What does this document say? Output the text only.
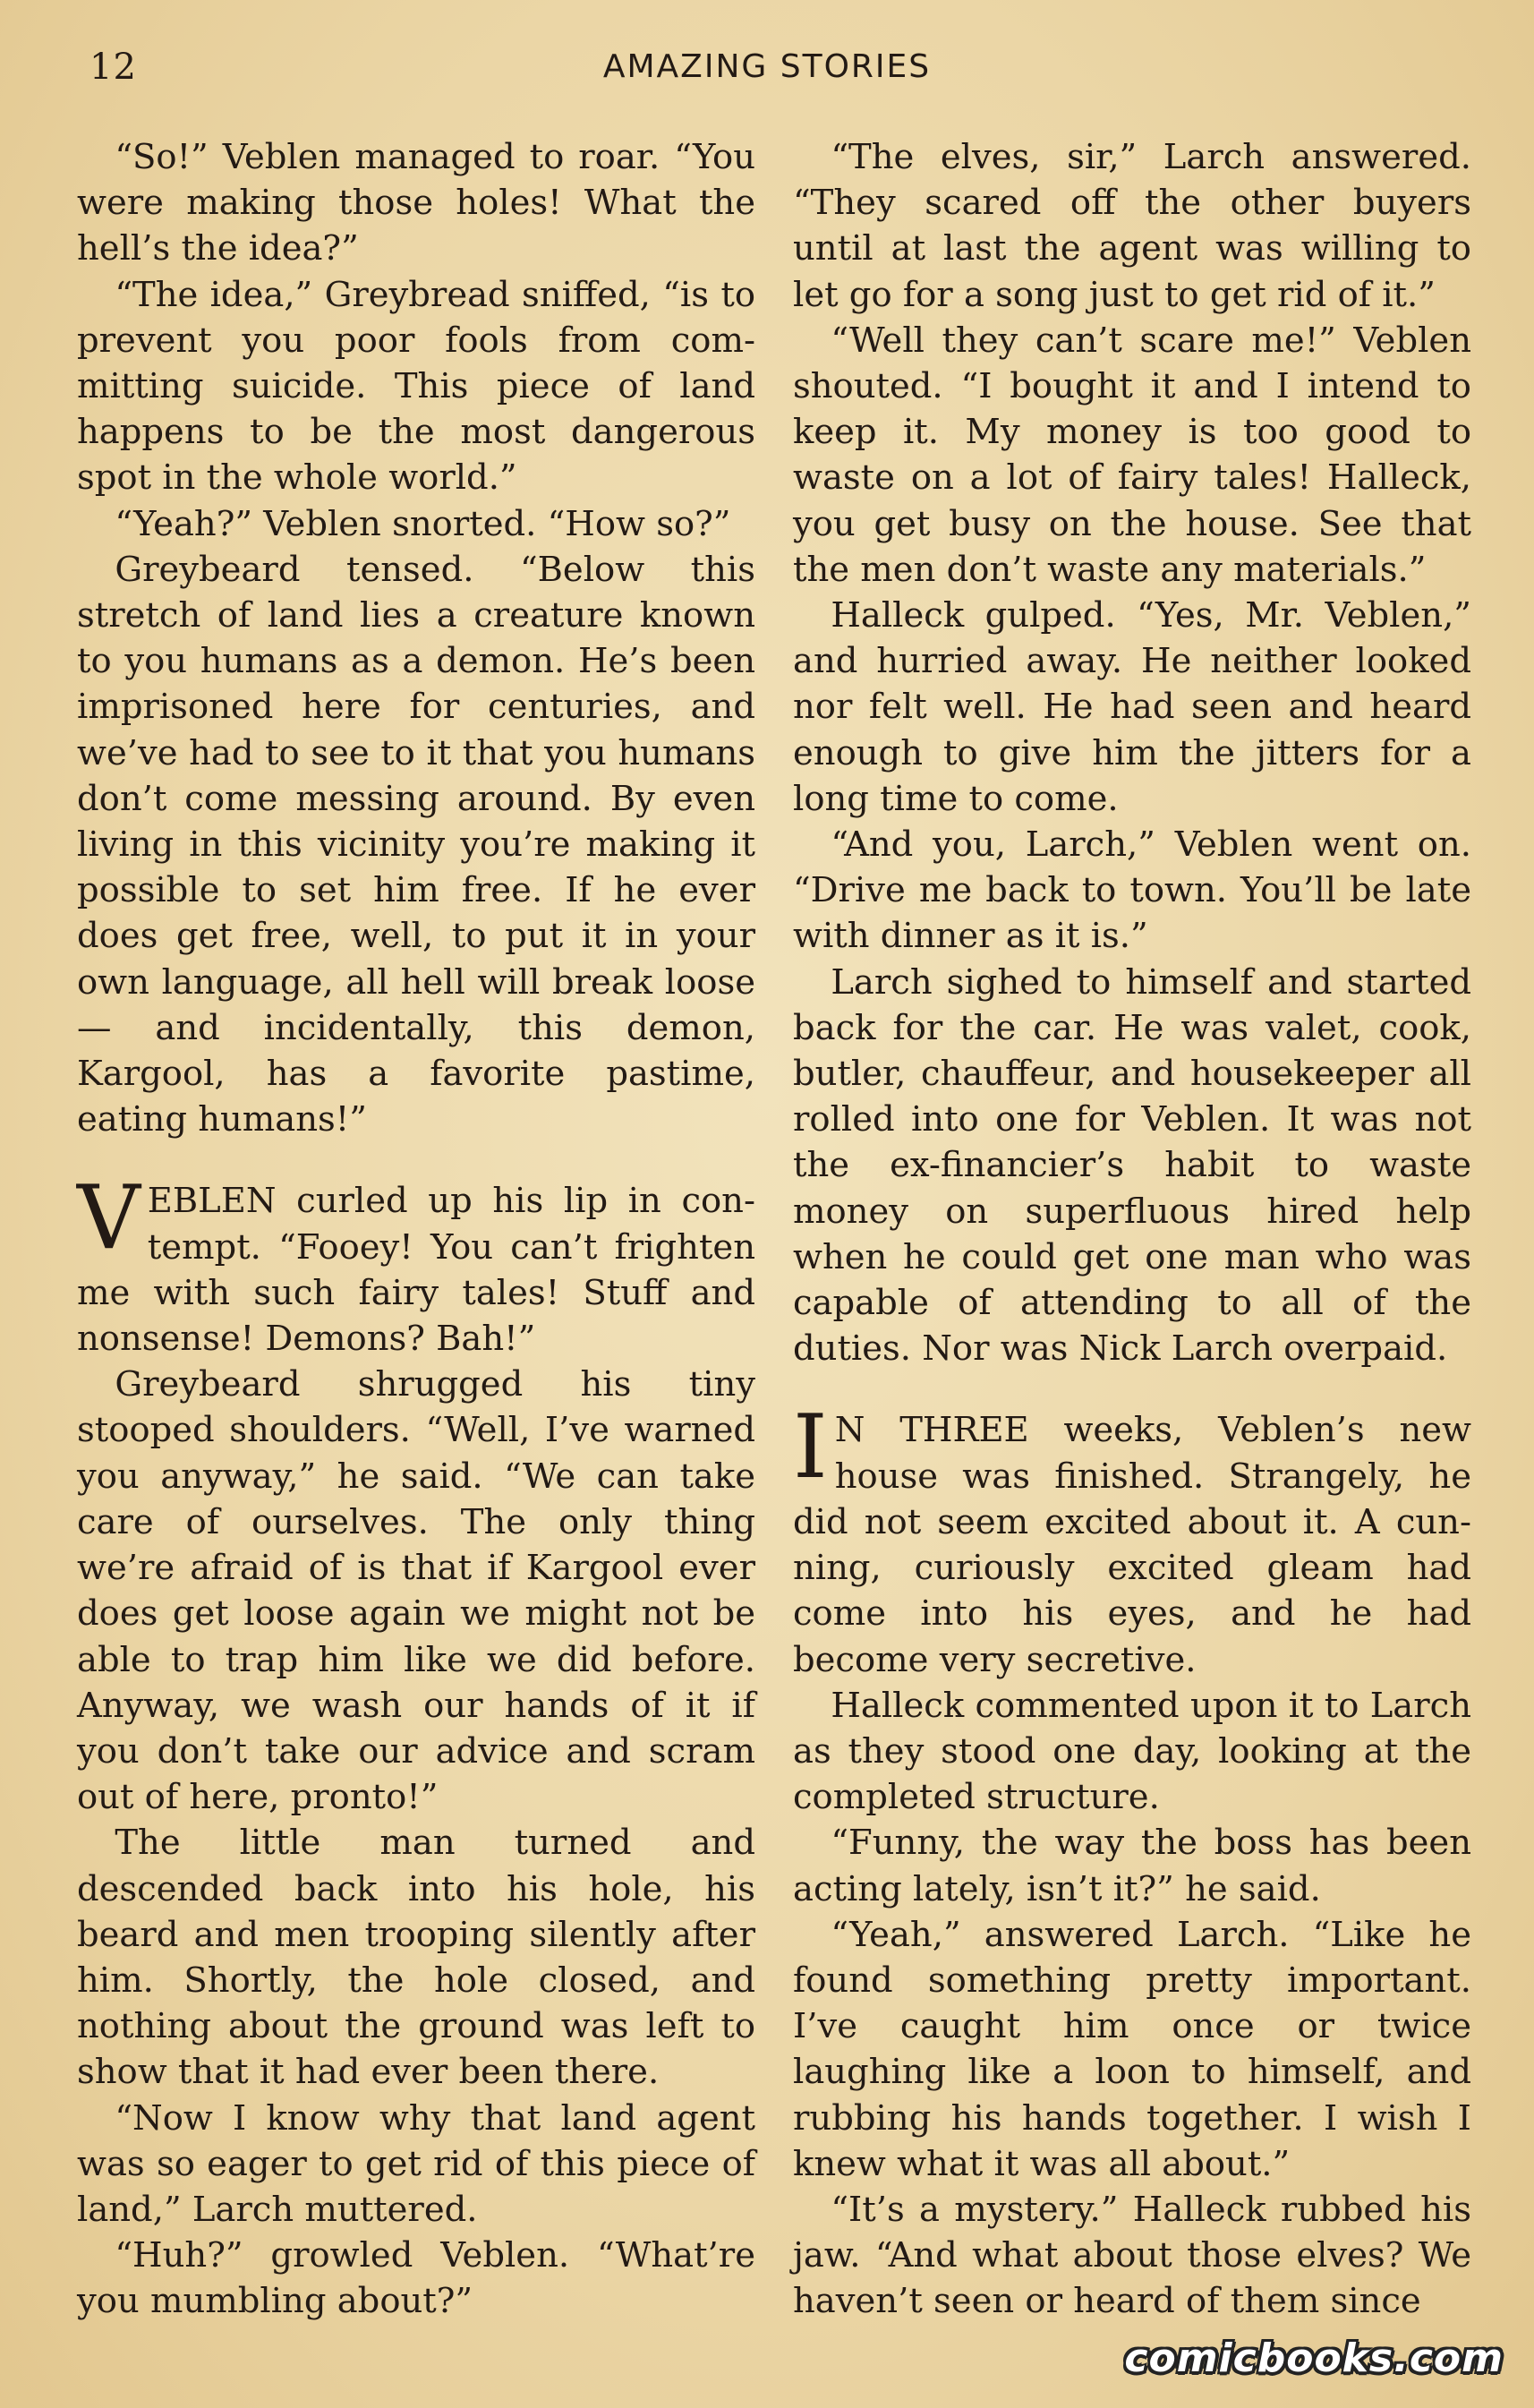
12	AMAZING STORIES

“So!” Veblen managed to roar. “You were making those holes! What the hell’s the idea?”

“The idea,” Greybread sniffed, “is to prevent you poor fools from committing suicide. This piece of land happens to be the most dangerous spot in the whole world.”

“Yeah?” Veblen snorted. “How so?”

Greybeard tensed. “Below this stretch of land lies a creature known to you humans as a demon. He’s been imprisoned here for centuries, and we’ve had to see to it that you humans don’t come messing around. By even living in this vicinity you’re making it possible to set him free. If he ever does get free, well, to put it in your own language, all hell will break loose— and incidentally, this demon, Kargool, has a favorite pastime, eating humans!”

VEBLEN curled up his lip in contempt. “Fooey! You can’t frighten me with such fairy tales! Stuff and nonsense! Demons? Bah!”

Greybeard shrugged his tiny stooped shoulders. “Well, I’ve warned you anyway,” he said. “We can take care of ourselves. The only thing we’re afraid of is that if Kargool ever does get loose again we might not be able to trap him like we did before. Anyway, we wash our hands of it if you don’t take our advice and scram out of here, pronto!”

The little man turned and descended back into his hole, his beard and men trooping silently after him. Shortly, the hole closed, and nothing about the ground was left to show that it had ever been there.

“Now I know why that land agent was so eager to get rid of this piece of land,” Larch muttered.

“Huh?” growled Veblen. “What’re you mumbling about?”

“The elves, sir,” Larch answered. “They scared off the other buyers until at last the agent was willing to let go for a song just to get rid of it.”

“Well they can’t scare me!” Veblen shouted. “I bought it and I intend to keep it. My money is too good to waste on a lot of fairy tales! Halleck, you get busy on the house. See that the men don’t waste any materials.”

Halleck gulped. “Yes, Mr. Veblen,” and hurried away. He neither looked nor felt well. He had seen and heard enough to give him the jitters for a long time to come.

“And you, Larch,” Veblen went on. “Drive me back to town. You’ll be late with dinner as it is.”

Larch sighed to himself and started back for the car. He was valet, cook, butler, chauffeur, and housekeeper all rolled into one for Veblen. It was not the ex-financier’s habit to waste money on superfluous hired help when he could get one man who was capable of attending to all of the duties. Nor was Nick Larch overpaid.

I N THREE weeks, Veblen’s new house was finished. Strangely, he did not seem excited about it. A cunning, curiously excited gleam had come into his eyes, and he had become very secretive.

Halleck commented upon it to Larch as they stood one day, looking at the completed structure.

“Funny, the way the boss has been acting lately, isn’t it?” he said.

“Yeah,” answered Larch. “Like he found something pretty important. I’ve caught him once or twice laughing like a loon to himself, and rubbing his hands together. I wish I knew what it was all about.”

“It’s a mystery.” Halleck rubbed his jaw. “And what about those elves? We haven’t seen or heard of them since

comicbooks.com
